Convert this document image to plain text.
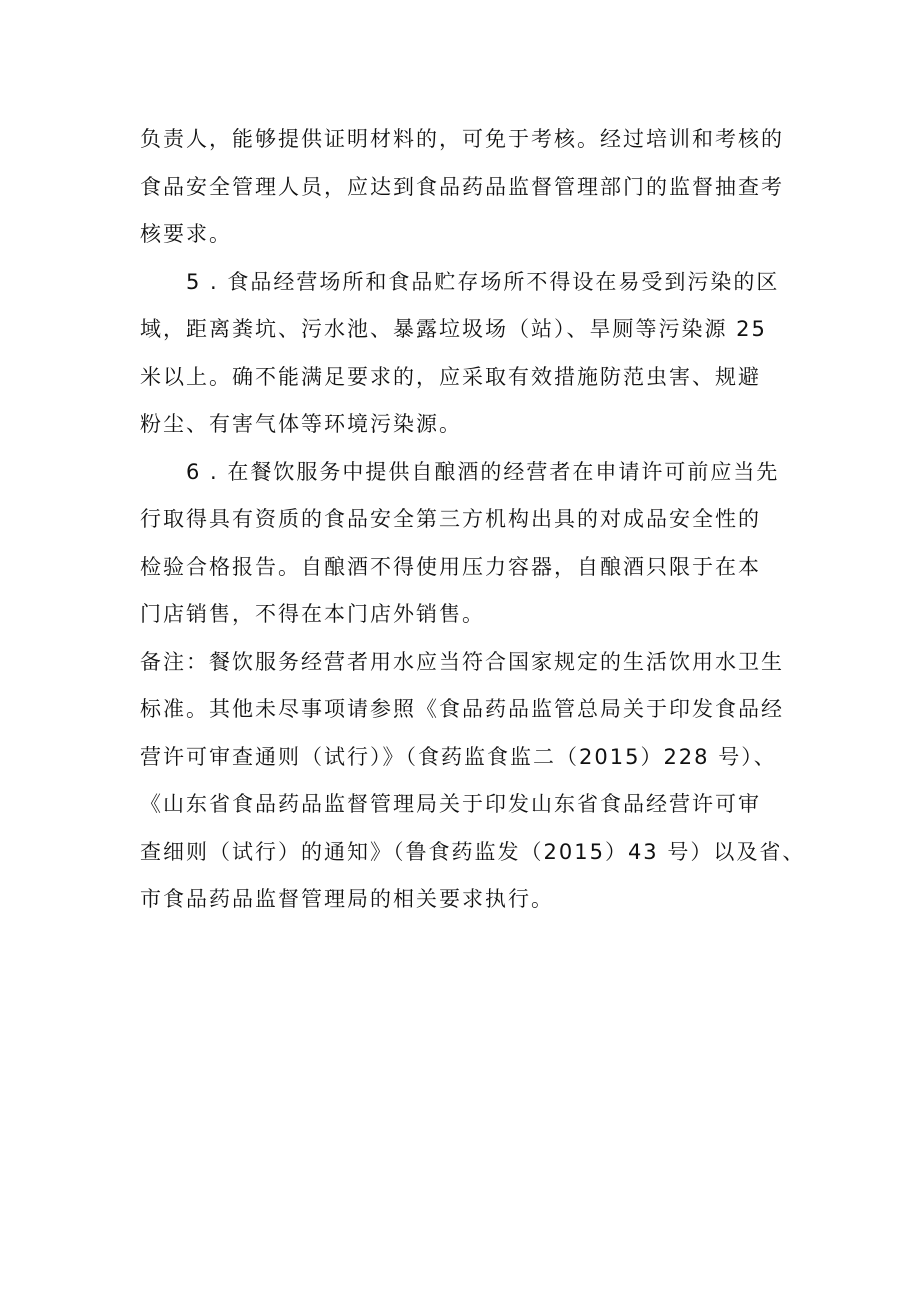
负责人，能够提供证明材料的，可免于考核。经过培训和考核的
食品安全管理人员，应达到食品药品监督管理部门的监督抽查考
核要求。
5 . 食品经营场所和食品贮存场所不得设在易受到污染的区
域，距离粪坑、污水池、暴露垃圾场（站）、旱厕等污染源 25
米以上。确不能满足要求的，应采取有效措施防范虫害、规避
粉尘、有害气体等环境污染源。
6 . 在餐饮服务中提供自酿酒的经营者在申请许可前应当先
行取得具有资质的食品安全第三方机构出具的对成品安全性的
检验合格报告。自酿酒不得使用压力容器，自酿酒只限于在本
门店销售，不得在本门店外销售。
备注：餐饮服务经营者用水应当符合国家规定的生活饮用水卫生
标准。其他未尽事项请参照《食品药品监管总局关于印发食品经
营许可审查通则（试行）》（食药监食监二（2015）228 号）、
《山东省食品药品监督管理局关于印发山东省食品经营许可审
查细则（试行）的通知》（鲁食药监发（2015）43 号）以及省、
市食品药品监督管理局的相关要求执行。
